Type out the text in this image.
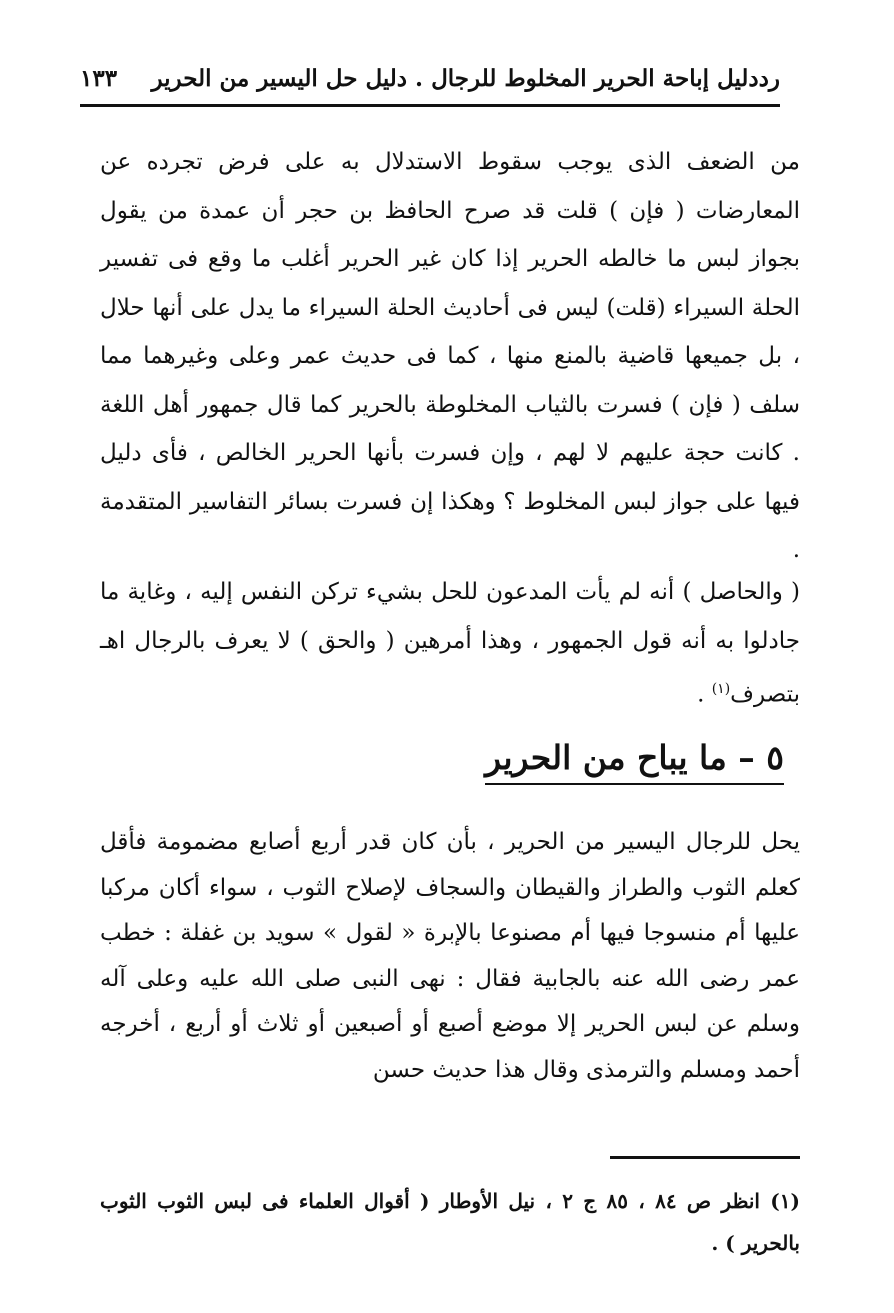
رددليل إباحة الحرير المخلوط للرجال . دليل حل اليسير من الحرير
١٣٣
من الضعف الذى يوجب سقوط الاستدلال به على فرض تجرده عن المعارضات ( فإن ) قلت قد صرح الحافظ بن حجر أن عمدة من يقول بجواز لبس ما خالطه الحرير إذا كان غير الحرير أغلب ما وقع فى تفسير الحلة السيراء (قلت) ليس فى أحاديث الحلة السيراء ما يدل على أنها حلال ، بل جميعها قاضية بالمنع منها ، كما فى حديث عمر وعلى وغيرهما مما سلف ( فإن ) فسرت بالثياب المخلوطة بالحرير كما قال جمهور أهل اللغة . كانت حجة عليهم لا لهم ، وإن فسرت بأنها الحرير الخالص ، فأى دليل فيها على جواز لبس المخلوط ؟ وهكذا إن فسرت بسائر التفاسير المتقدمة .
( والحاصل ) أنه لم يأت المدعون للحل بشيء تركن النفس إليه ، وغاية ما جادلوا به أنه قول الجمهور ، وهذا أمرهين ( والحق ) لا يعرف بالرجال اهـ بتصرف$^{(١)}$ .
٥ – ما يباح من الحرير
يحل للرجال اليسير من الحرير ، بأن كان قدر أربع أصابع مضمومة فأقل كعلم الثوب والطراز والقيطان والسجاف لإصلاح الثوب ، سواء أكان مركبا عليها أم منسوجا فيها أم مصنوعا بالإبرة « لقول » سويد بن غفلة : خطب عمر رضى الله عنه بالجابية فقال : نهى النبى صلى الله عليه وعلى آله وسلم عن لبس الحرير إلا موضع أصبع أو أصبعين أو ثلاث أو أربع ، أخرجه أحمد ومسلم والترمذى وقال هذا حديث حسن
(١) انظر ص ٨٤ ، ٨٥ ج ٢ ، نيل الأوطار ( أقوال العلماء فى لبس الثوب الثوب بالحرير ) .
